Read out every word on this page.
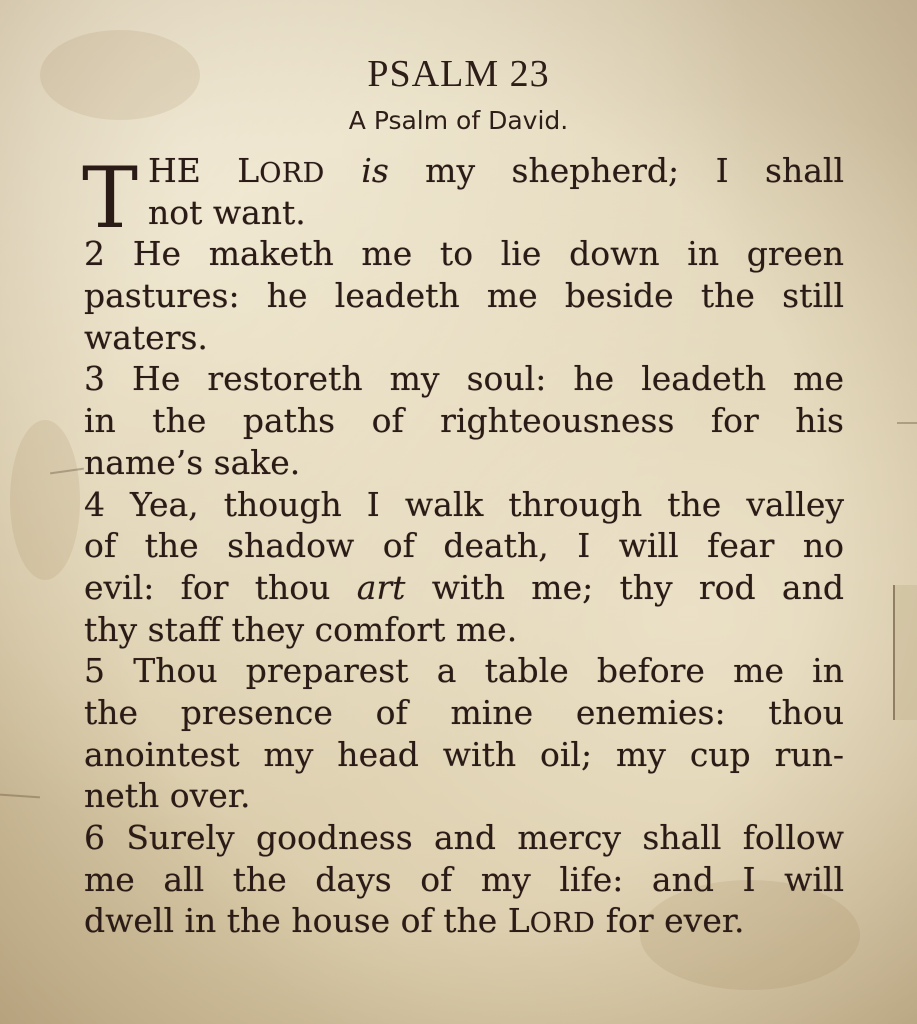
PSALM 23
A Psalm of David.
T HE LORD is my shepherd; I shall
not want.
2 He maketh me to lie down in green
pastures: he leadeth me beside the still
waters.
3 He restoreth my soul: he leadeth me
in the paths of righteousness for his
name’s sake.
4 Yea, though I walk through the valley
of the shadow of death, I will fear no
evil: for thou art with me; thy rod and
thy staff they comfort me.
5 Thou preparest a table before me in
the presence of mine enemies: thou
anointest my head with oil; my cup run-
neth over.
6 Surely goodness and mercy shall follow
me all the days of my life: and I will
dwell in the house of the LORD for ever.
